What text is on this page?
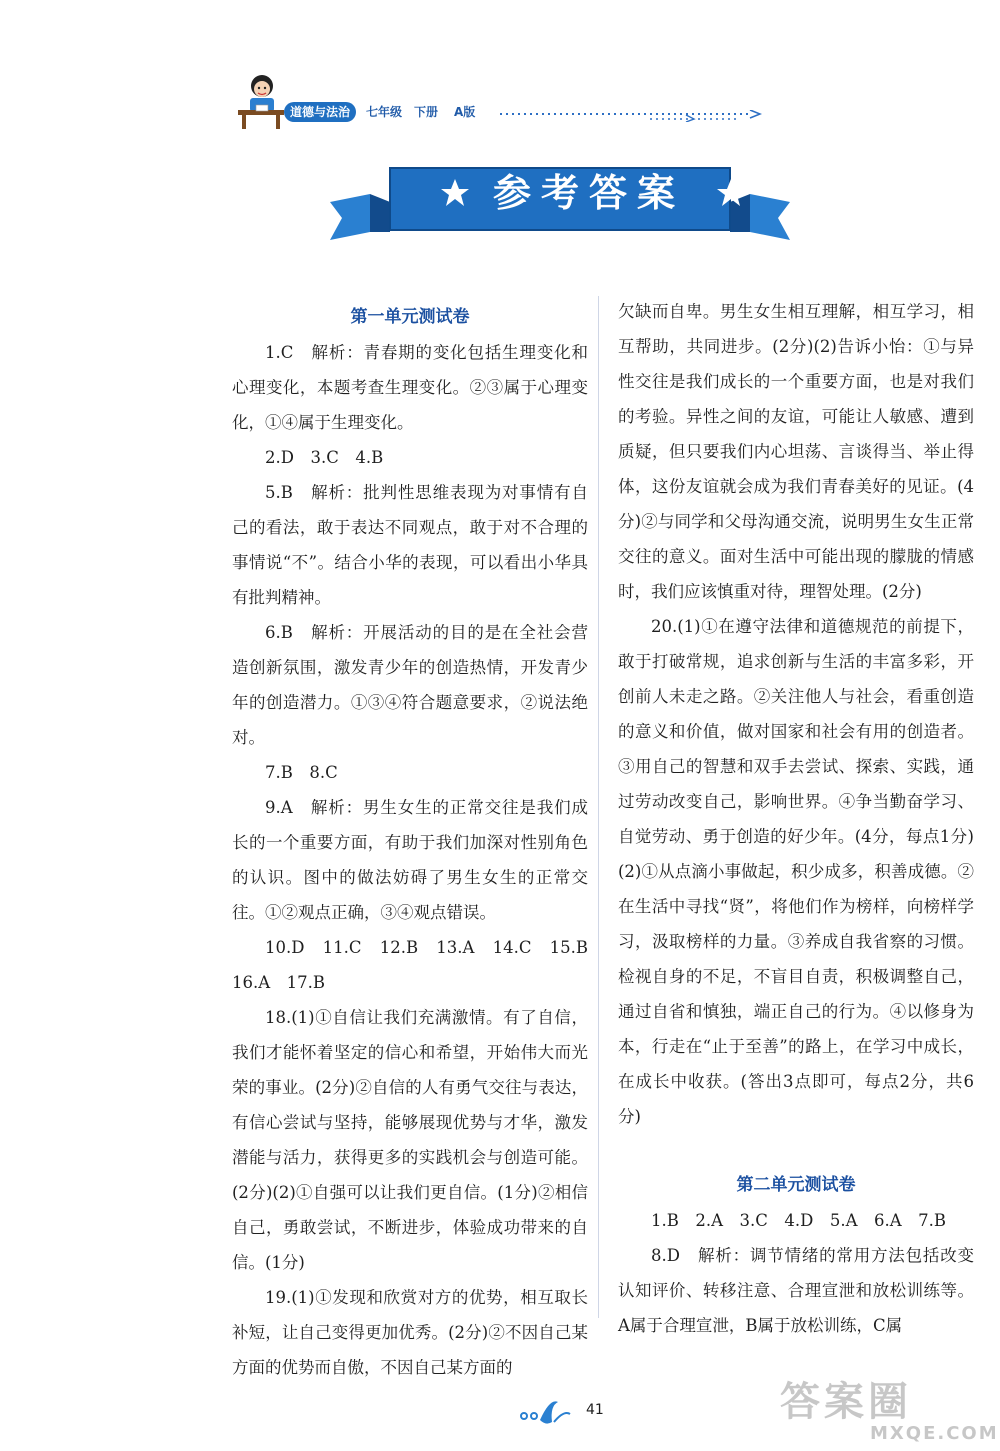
道德与法治	七年级 下册 A版
参考答案

第一单元测试卷

1.C　解析：青春期的变化包括生理变化和心理变化，本题考查生理变化。②③属于心理变化，①④属于生理变化。

2.D　3.C　4.B

5.B　解析：批判性思维表现为对事情有自己的看法，敢于表达不同观点，敢于对不合理的事情说“不”。结合小华的表现，可以看出小华具有批判精神。

6.B　解析：开展活动的目的是在全社会营造创新氛围，激发青少年的创造热情，开发青少年的创造潜力。①③④符合题意要求，②说法绝对。

7.B　8.C

9.A　解析：男生女生的正常交往是我们成长的一个重要方面，有助于我们加深对性别角色的认识。图中的做法妨碍了男生女生的正常交往。①②观点正确，③④观点错误。

10.D　11.C　12.B　13.A　14.C　15.B 16.A　17.B

18.(1)①自信让我们充满激情。有了自信，我们才能怀着坚定的信心和希望，开始伟大而光荣的事业。(2分)②自信的人有勇气交往与表达，有信心尝试与坚持，能够展现优势与才华，激发潜能与活力，获得更多的实践机会与创造可能。(2分)(2)①自强可以让我们更自信。(1分)②相信自己，勇敢尝试，不断进步，体验成功带来的自信。(1分)

19.(1)①发现和欣赏对方的优势，相互取长补短，让自己变得更加优秀。(2分)②不因自己某方面的优势而自傲，不因自己某方面的

欠缺而自卑。男生女生相互理解，相互学习，相互帮助，共同进步。(2分)(2)告诉小怡：①与异性交往是我们成长的一个重要方面，也是对我们的考验。异性之间的友谊，可能让人敏感、遭到质疑，但只要我们内心坦荡、言谈得当、举止得体，这份友谊就会成为我们青春美好的见证。(4分)②与同学和父母沟通交流，说明男生女生正常交往的意义。面对生活中可能出现的朦胧的情感时，我们应该慎重对待，理智处理。(2分)

20.(1)①在遵守法律和道德规范的前提下，敢于打破常规，追求创新与生活的丰富多彩，开创前人未走之路。②关注他人与社会，看重创造的意义和价值，做对国家和社会有用的创造者。③用自己的智慧和双手去尝试、探索、实践，通过劳动改变自己，影响世界。④争当勤奋学习、自觉劳动、勇于创造的好少年。(4分，每点1分)(2)①从点滴小事做起，积少成多，积善成德。②在生活中寻找“贤”，将他们作为榜样，向榜样学习，汲取榜样的力量。③养成自我省察的习惯。检视自身的不足，不盲目自责，积极调整自己，通过自省和慎独，端正自己的行为。④以修身为本，行走在“止于至善”的路上，在学习中成长，在成长中收获。(答出3点即可，每点2分，共6分)

第二单元测试卷

1.B　2.A　3.C　4.D　5.A　6.A　7.B

8.D　解析：调节情绪的常用方法包括改变认知评价、转移注意、合理宣泄和放松训练等。A属于合理宣泄，B属于放松训练，C属

41	答案圈
MXQE.COM
